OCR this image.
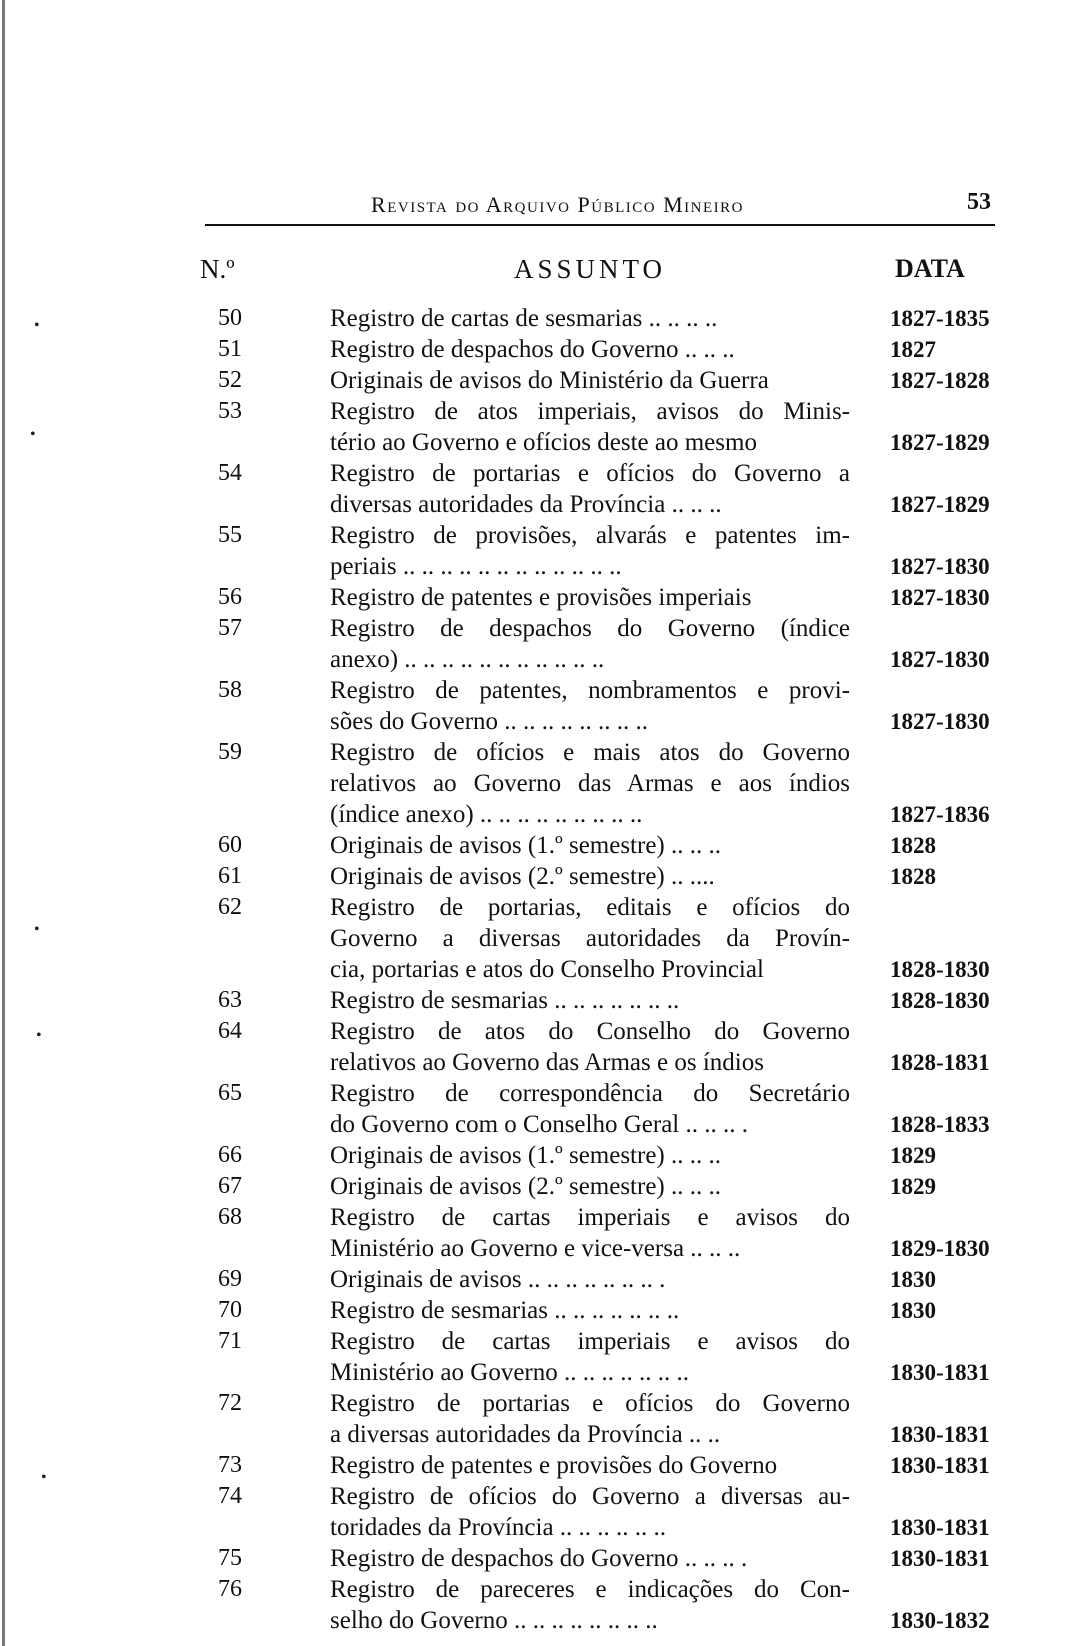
•
•
•
•
•
Revista do Arquivo Público Mineiro	53
N.º	ASSUNTO	DATA
50	Registro de cartas de sesmarias .. .. .. ..	1827-1835
51	Registro de despachos do Governo .. .. ..	1827
52	Originais de avisos do Ministério da Guerra	1827-1828
53	Registro de atos imperiais, avisos do Minis-
tério ao Governo e ofícios deste ao mesmo	1827-1829
54	Registro de portarias e ofícios do Governo a
diversas autoridades da Província .. .. ..	1827-1829
55	Registro de provisões, alvarás e patentes im-
periais .. .. .. .. .. .. .. .. .. .. .. ..	1827-1830
56	Registro de patentes e provisões imperiais	1827-1830
57	Registro de despachos do Governo (índice
anexo) .. .. .. .. .. .. .. .. .. .. ..	1827-1830
58	Registro de patentes, nombramentos e provi-
sões do Governo .. .. .. .. .. .. .. ..	1827-1830
59	Registro de ofícios e mais atos do Governo
relativos ao Governo das Armas e aos índios
(índice anexo) .. .. .. .. .. .. .. .. ..	1827-1836
60	Originais de avisos (1.º semestre) .. .. ..	1828
61	Originais de avisos (2.º semestre) .. ....	1828
62	Registro de portarias, editais e ofícios do
Governo a diversas autoridades da Provín-
cia, portarias e atos do Conselho Provincial	1828-1830
63	Registro de sesmarias .. .. .. .. .. .. ..	1828-1830
64	Registro de atos do Conselho do Governo
relativos ao Governo das Armas e os índios	1828-1831
65	Registro de correspondência do Secretário
do Governo com o Conselho Geral .. .. .. .	1828-1833
66	Originais de avisos (1.º semestre) .. .. ..	1829
67	Originais de avisos (2.º semestre) .. .. ..	1829
68	Registro de cartas imperiais e avisos do
Ministério ao Governo e vice-versa .. .. ..	1829-1830
69	Originais de avisos .. .. .. .. .. .. .. .	1830
70	Registro de sesmarias .. .. .. .. .. .. ..	1830
71	Registro de cartas imperiais e avisos do
Ministério ao Governo .. .. .. .. .. .. ..	1830-1831
72	Registro de portarias e ofícios do Governo
a diversas autoridades da Província .. ..	1830-1831
73	Registro de patentes e provisões do Governo	1830-1831
74	Registro de ofícios do Governo a diversas au-
toridades da Província .. .. .. .. .. ..	1830-1831
75	Registro de despachos do Governo .. .. .. .	1830-1831
76	Registro de pareceres e indicações do Con-
selho do Governo .. .. .. .. .. .. .. ..	1830-1832
